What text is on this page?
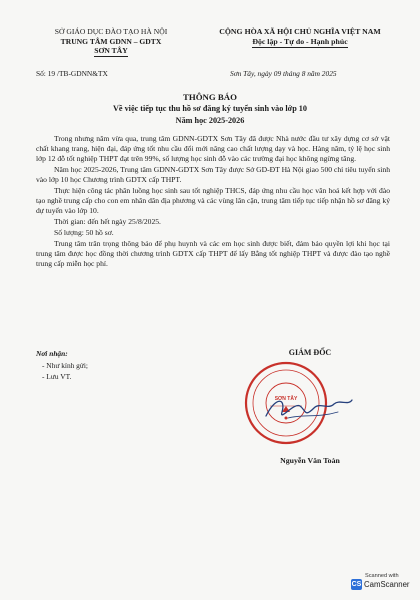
SỞ GIÁO DỤC ĐÀO TẠO HÀ NỘI
TRUNG TÂM GDNN – GDTX
SƠN TÂY
CỘNG HÒA XÃ HỘI CHỦ NGHĨA VIỆT NAM
Độc lập - Tự do - Hạnh phúc
Số: 19 /TB-GDNN&TX	Sơn Tây, ngày 09 tháng 8 năm 2025
THÔNG BÁO
Về việc tiếp tục thu hồ sơ đăng ký tuyển sinh vào lớp 10
Năm học 2025-2026

Trong nhưng năm vừa qua, trung tâm GDNN-GDTX Sơn Tây đã được Nhà nước đầu tư xây dựng cơ sở vật chất khang trang, hiện đại, đáp ứng tốt nhu cầu đổi mới nâng cao chất lượng dạy và học. Hàng năm, tỷ lệ học sinh lớp 12 đỗ tốt nghiệp THPT đạt trên 99%, số lượng học sinh đỗ vào các trường đại học không ngừng tăng.

Năm học 2025-2026, Trung tâm GDNN-GDTX Sơn Tây được Sở GD-ĐT Hà Nội giao 500 chỉ tiêu tuyển sinh vào lớp 10 học Chương trình GDTX cấp THPT.

Thực hiện công tác phân luồng học sinh sau tốt nghiệp THCS, đáp ứng nhu cầu học văn hoá kết hợp với đào tạo nghề trung cấp cho con em nhân dân địa phương và các vùng lân cận, trung tâm tiếp tục tiếp nhận hồ sơ đăng ký dự tuyển vào lớp 10.

Thời gian: đến hết ngày 25/8/2025.

Số lượng: 50 hồ sơ.

Trung tâm trân trọng thông báo để phụ huynh và các em học sinh được biết, đảm bảo quyền lợi khi học tại trung tâm được học đồng thời chương trình GDTX cấp THPT để lấy Bằng tốt nghiệp THPT và được đào tạo nghề trung cấp miễn học phí.

Nơi nhận:
- Như kính gửi;
- Lưu VT.
GIÁM ĐỐC
SƠN TÂY
Nguyễn Văn Toàn
Scanned with
CS CamScanner
